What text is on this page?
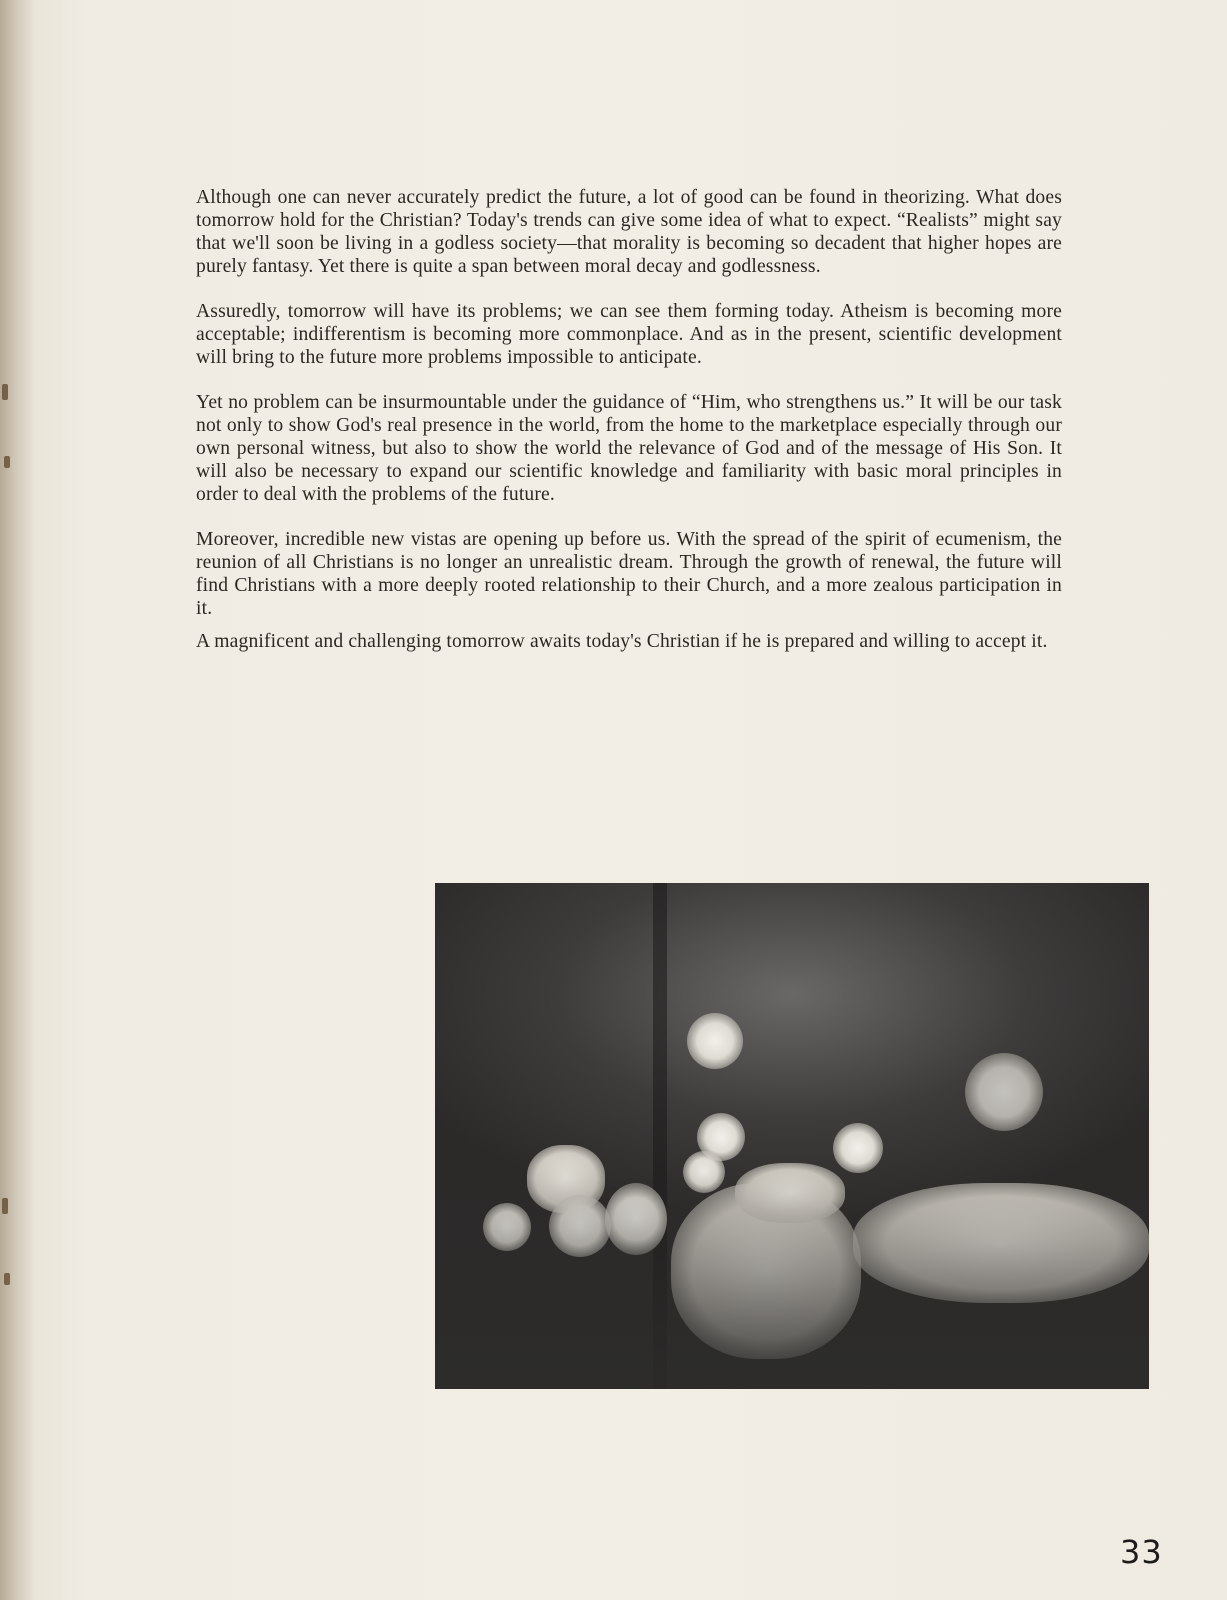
Although one can never accurately predict the future, a lot of good can be found in theorizing. What does tomorrow hold for the Christian? Today's trends can give some idea of what to expect. “Realists” might say that we'll soon be living in a godless society—that morality is becoming so decadent that higher hopes are purely fantasy. Yet there is quite a span between moral decay and godlessness.

Assuredly, tomorrow will have its problems; we can see them forming today. Atheism is becoming more acceptable; indifferentism is becoming more commonplace. And as in the present, scientific development will bring to the future more problems impossible to anticipate.

Yet no problem can be insurmountable under the guidance of “Him, who strengthens us.” It will be our task not only to show God's real presence in the world, from the home to the marketplace especially through our own personal witness, but also to show the world the relevance of God and of the message of His Son. It will also be necessary to expand our scientific knowledge and familiarity with basic moral principles in order to deal with the problems of the future.

Moreover, incredible new vistas are opening up before us. With the spread of the spirit of ecumenism, the reunion of all Christians is no longer an unrealistic dream. Through the growth of renewal, the future will find Christians with a more deeply rooted relationship to their Church, and a more zealous participation in it.

A magnificent and challenging tomorrow awaits today's Christian if he is prepared and willing to accept it.

33
